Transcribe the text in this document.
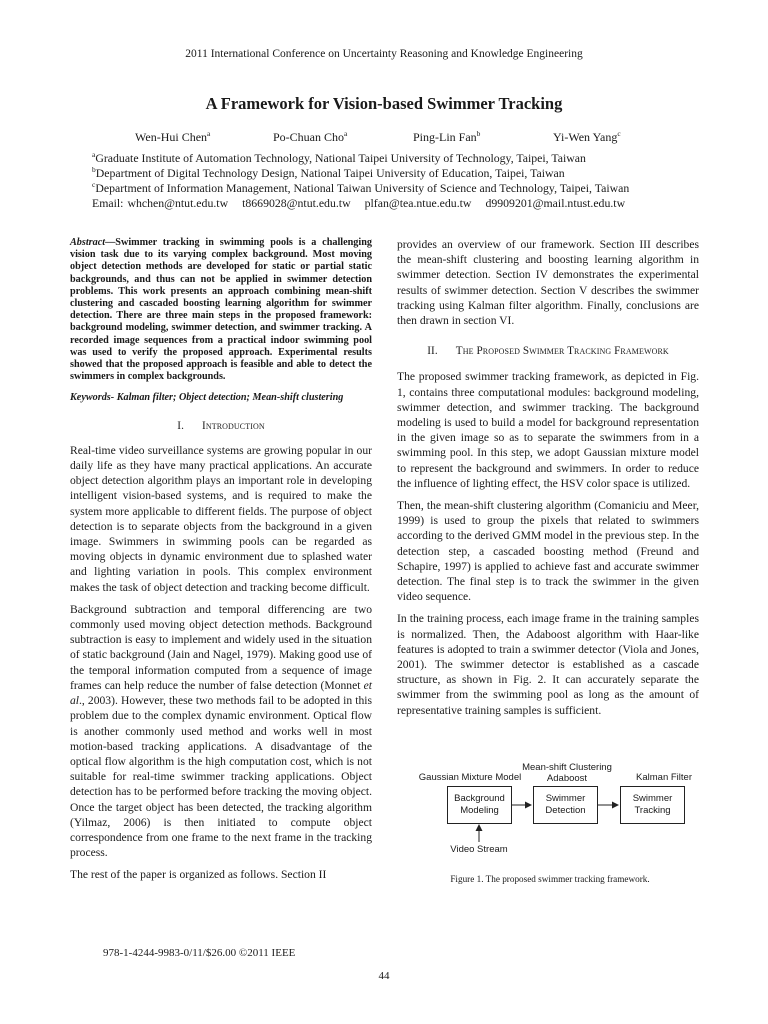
2011 International Conference on Uncertainty Reasoning and Knowledge Engineering
A Framework for Vision-based Swimmer Tracking
Wen-Hui Chen$^a$	Po-Chuan Cho$^a$	Ping-Lin Fan$^b$	Yi-Wen Yang$^c$
$^a$Graduate Institute of Automation Technology, National Taipei University of Technology, Taipei, Taiwan
$^b$Department of Digital Technology Design, National Taipei University of Education, Taipei, Taiwan
$^c$Department of Information Management, National Taiwan University of Science and Technology, Taipei, Taiwan
Email: whchen@ntut.edu.tw t8669028@ntut.edu.tw plfan@tea.ntue.edu.tw d9909201@mail.ntust.edu.tw

Abstract—Swimmer tracking in swimming pools is a challenging vision task due to its varying complex background. Most moving object detection methods are developed for static or partial static backgrounds, and thus can not be applied in swimmer detection problems. This work presents an approach combining mean-shift clustering and cascaded boosting learning algorithm for swimmer detection. There are three main steps in the proposed framework: background modeling, swimmer detection, and swimmer tracking. A recorded image sequences from a practical indoor swimming pool was used to verify the proposed approach. Experimental results showed that the proposed approach is feasible and able to detect the swimmers in complex backgrounds.

Keywords- Kalman filter; Object detection; Mean-shift clustering

I. Introduction

Real-time video surveillance systems are growing popular in our daily life as they have many practical applications. An accurate object detection algorithm plays an important role in developing intelligent vision-based systems, and is required to make the system more applicable to different fields. The purpose of object detection is to separate objects from the background in a given image. Swimmers in swimming pools can be regarded as moving objects in dynamic environment due to splashed water and lighting variation in pools. This complex environment makes the task of object detection and tracking become difficult.

Background subtraction and temporal differencing are two commonly used moving object detection methods. Background subtraction is easy to implement and widely used in the situation of static background (Jain and Nagel, 1979). Making good use of the temporal information computed from a sequence of image frames can help reduce the number of false detection (Monnet et al., 2003). However, these two methods fail to be adopted in this problem due to the complex dynamic environment. Optical flow is another commonly used method and works well in most motion-based tracking applications. A disadvantage of the optical flow algorithm is the high computation cost, which is not suitable for real-time swimmer tracking applications. Object detection has to be performed before tracking the moving object. Once the target object has been detected, the tracking algorithm (Yilmaz, 2006) is then initiated to compute object correspondence from one frame to the next frame in the tracking process.

The rest of the paper is organized as follows. Section II

provides an overview of our framework. Section III describes the mean-shift clustering and boosting learning algorithm in swimmer detection. Section IV demonstrates the experimental results of swimmer detection. Section V describes the swimmer tracking using Kalman filter algorithm. Finally, conclusions are then drawn in section VI.

II. The Proposed Swimmer Tracking Framework

The proposed swimmer tracking framework, as depicted in Fig. 1, contains three computational modules: background modeling, swimmer detection, and swimmer tracking. The background modeling is used to build a model for background representation in the given image so as to separate the swimmers from in a swimming pool. In this step, we adopt Gaussian mixture model to represent the background and swimmers. In order to reduce the influence of lighting effect, the HSV color space is utilized.

Then, the mean-shift clustering algorithm (Comaniciu and Meer, 1999) is used to group the pixels that related to swimmers according to the derived GMM model in the previous step. In the detection step, a cascaded boosting method (Freund and Schapire, 1997) is applied to achieve fast and accurate swimmer detection. The final step is to track the swimmer in the given video sequence.

In the training process, each image frame in the training samples is normalized. Then, the Adaboost algorithm with Haar-like features is adopted to train a swimmer detector (Viola and Jones, 2001). The swimmer detector is established as a cascade structure, as shown in Fig. 2. It can accurately separate the swimmer from the swimming pool as long as the amount of representative training samples is sufficient.

Gaussian Mixture Model
Mean-shift Clustering
Adaboost	Kalman Filter
Background
Modeling
Swimmer
Detection
Swimmer
Tracking
Video Stream
Figure 1. The proposed swimmer tracking framework.
978-1-4244-9983-0/11/$26.00 ©2011 IEEE
44
